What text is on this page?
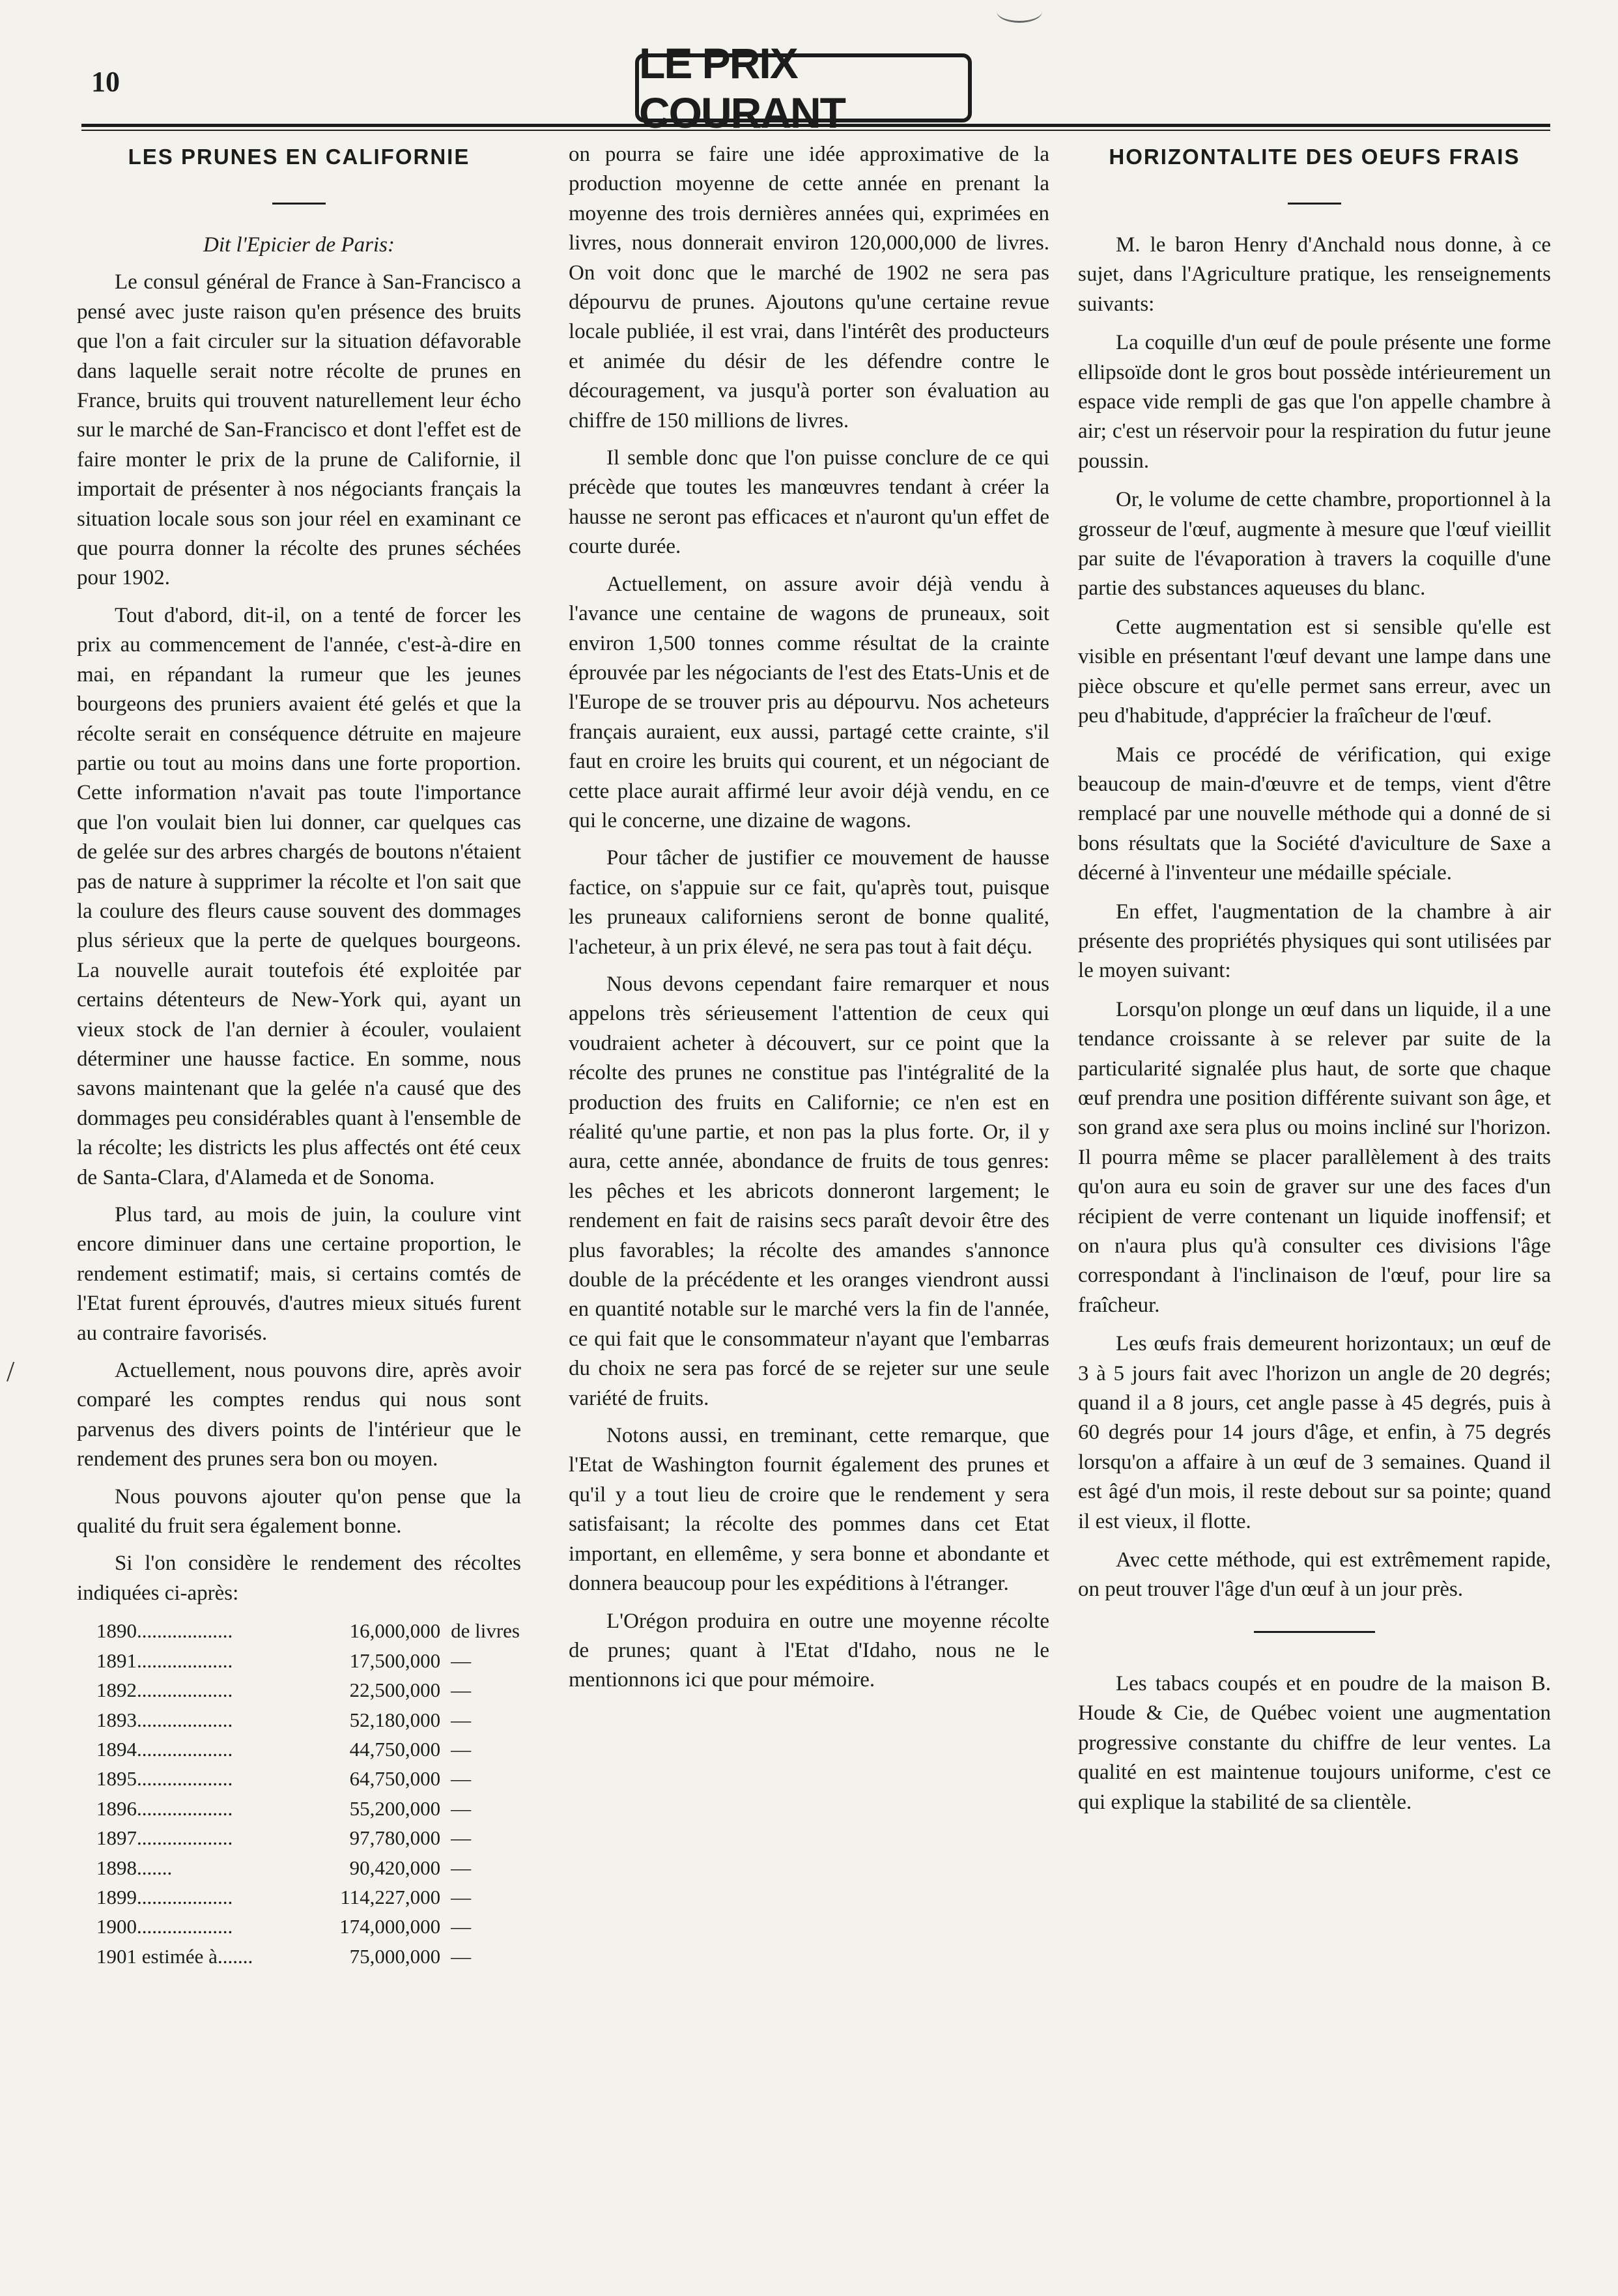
10	LE PRIX COURANT
/
LES PRUNES EN CALIFORNIE

Dit l'Epicier de Paris:

Le consul général de France à San-Francisco a pensé avec juste raison qu'en présence des bruits que l'on a fait circuler sur la situation défavorable dans laquelle serait notre récolte de prunes en France, bruits qui trouvent naturellement leur écho sur le marché de San-Francisco et dont l'effet est de faire monter le prix de la prune de Californie, il importait de présenter à nos négociants français la situation locale sous son jour réel en examinant ce que pourra donner la récolte des prunes séchées pour 1902.

Tout d'abord, dit-il, on a tenté de forcer les prix au commencement de l'année, c'est-à-dire en mai, en répandant la rumeur que les jeunes bourgeons des pruniers avaient été gelés et que la récolte serait en conséquence détruite en majeure partie ou tout au moins dans une forte proportion. Cette information n'avait pas toute l'importance que l'on voulait bien lui donner, car quelques cas de gelée sur des arbres chargés de boutons n'étaient pas de nature à supprimer la récolte et l'on sait que la coulure des fleurs cause souvent des dommages plus sérieux que la perte de quelques bourgeons. La nouvelle aurait toutefois été exploitée par certains détenteurs de New-York qui, ayant un vieux stock de l'an dernier à écouler, voulaient déterminer une hausse factice. En somme, nous savons maintenant que la gelée n'a causé que des dommages peu considérables quant à l'ensemble de la récolte; les districts les plus affectés ont été ceux de Santa-Clara, d'Alameda et de Sonoma.

Plus tard, au mois de juin, la coulure vint encore diminuer dans une certaine proportion, le rendement estimatif; mais, si certains comtés de l'Etat furent éprouvés, d'autres mieux situés furent au contraire favorisés.

Actuellement, nous pouvons dire, après avoir comparé les comptes rendus qui nous sont parvenus des divers points de l'intérieur que le rendement des prunes sera bon ou moyen.

Nous pouvons ajouter qu'on pense que la qualité du fruit sera également bonne.

Si l'on considère le rendement des récoltes indiquées ci-après:

1890...................	16,000,000	de livres
1891...................	17,500,000	—
1892...................	22,500,000	—
1893...................	52,180,000	—
1894...................	44,750,000	—
1895...................	64,750,000	—
1896...................	55,200,000	—
1897...................	97,780,000	—
1898.......	90,420,000	—
1899...................	114,227,000	—
1900...................	174,000,000	—
1901 estimée à.......	75,000,000	—

on pourra se faire une idée approximative de la production moyenne de cette année en prenant la moyenne des trois dernières années qui, exprimées en livres, nous donnerait environ 120,000,000 de livres. On voit donc que le marché de 1902 ne sera pas dépourvu de prunes. Ajoutons qu'une certaine revue locale publiée, il est vrai, dans l'intérêt des producteurs et animée du désir de les défendre contre le découragement, va jusqu'à porter son évaluation au chiffre de 150 millions de livres.

Il semble donc que l'on puisse conclure de ce qui précède que toutes les manœuvres tendant à créer la hausse ne seront pas efficaces et n'auront qu'un effet de courte durée.

Actuellement, on assure avoir déjà vendu à l'avance une centaine de wagons de pruneaux, soit environ 1,500 tonnes comme résultat de la crainte éprouvée par les négociants de l'est des Etats-Unis et de l'Europe de se trouver pris au dépourvu. Nos acheteurs français auraient, eux aussi, partagé cette crainte, s'il faut en croire les bruits qui courent, et un négociant de cette place aurait affirmé leur avoir déjà vendu, en ce qui le concerne, une dizaine de wagons.

Pour tâcher de justifier ce mouvement de hausse factice, on s'appuie sur ce fait, qu'après tout, puisque les pruneaux californiens seront de bonne qualité, l'acheteur, à un prix élevé, ne sera pas tout à fait déçu.

Nous devons cependant faire remarquer et nous appelons très sérieusement l'attention de ceux qui voudraient acheter à découvert, sur ce point que la récolte des prunes ne constitue pas l'intégralité de la production des fruits en Californie; ce n'en est en réalité qu'une partie, et non pas la plus forte. Or, il y aura, cette année, abondance de fruits de tous genres: les pêches et les abricots donneront largement; le rendement en fait de raisins secs paraît devoir être des plus favorables; la récolte des amandes s'annonce double de la précédente et les oranges viendront aussi en quantité notable sur le marché vers la fin de l'année, ce qui fait que le consommateur n'ayant que l'embarras du choix ne sera pas forcé de se rejeter sur une seule variété de fruits.

Notons aussi, en treminant, cette remarque, que l'Etat de Washington fournit également des prunes et qu'il y a tout lieu de croire que le rendement y sera satisfaisant; la récolte des pommes dans cet Etat important, en ellemême, y sera bonne et abondante et donnera beaucoup pour les expéditions à l'étranger.

L'Orégon produira en outre une moyenne récolte de prunes; quant à l'Etat d'Idaho, nous ne le mentionnons ici que pour mémoire.

HORIZONTALITE DES OEUFS FRAIS

M. le baron Henry d'Anchald nous donne, à ce sujet, dans l'Agriculture pratique, les renseignements suivants:

La coquille d'un œuf de poule présente une forme ellipsoïde dont le gros bout possède intérieurement un espace vide rempli de gas que l'on appelle chambre à air; c'est un réservoir pour la respiration du futur jeune poussin.

Or, le volume de cette chambre, proportionnel à la grosseur de l'œuf, augmente à mesure que l'œuf vieillit par suite de l'évaporation à travers la coquille d'une partie des substances aqueuses du blanc.

Cette augmentation est si sensible qu'elle est visible en présentant l'œuf devant une lampe dans une pièce obscure et qu'elle permet sans erreur, avec un peu d'habitude, d'apprécier la fraîcheur de l'œuf.

Mais ce procédé de vérification, qui exige beaucoup de main-d'œuvre et de temps, vient d'être remplacé par une nouvelle méthode qui a donné de si bons résultats que la Société d'aviculture de Saxe a décerné à l'inventeur une médaille spéciale.

En effet, l'augmentation de la chambre à air présente des propriétés physiques qui sont utilisées par le moyen suivant:

Lorsqu'on plonge un œuf dans un liquide, il a une tendance croissante à se relever par suite de la particularité signalée plus haut, de sorte que chaque œuf prendra une position différente suivant son âge, et son grand axe sera plus ou moins incliné sur l'horizon. Il pourra même se placer parallèlement à des traits qu'on aura eu soin de graver sur une des faces d'un récipient de verre contenant un liquide inoffensif; et on n'aura plus qu'à consulter ces divisions l'âge correspondant à l'inclinaison de l'œuf, pour lire sa fraîcheur.

Les œufs frais demeurent horizontaux; un œuf de 3 à 5 jours fait avec l'horizon un angle de 20 degrés; quand il a 8 jours, cet angle passe à 45 degrés, puis à 60 degrés pour 14 jours d'âge, et enfin, à 75 degrés lorsqu'on a affaire à un œuf de 3 semaines. Quand il est âgé d'un mois, il reste debout sur sa pointe; quand il est vieux, il flotte.

Avec cette méthode, qui est extrêmement rapide, on peut trouver l'âge d'un œuf à un jour près.

Les tabacs coupés et en poudre de la maison B. Houde & Cie, de Québec voient une augmentation progressive constante du chiffre de leur ventes. La qualité en est maintenue toujours uniforme, c'est ce qui explique la stabilité de sa clientèle.
